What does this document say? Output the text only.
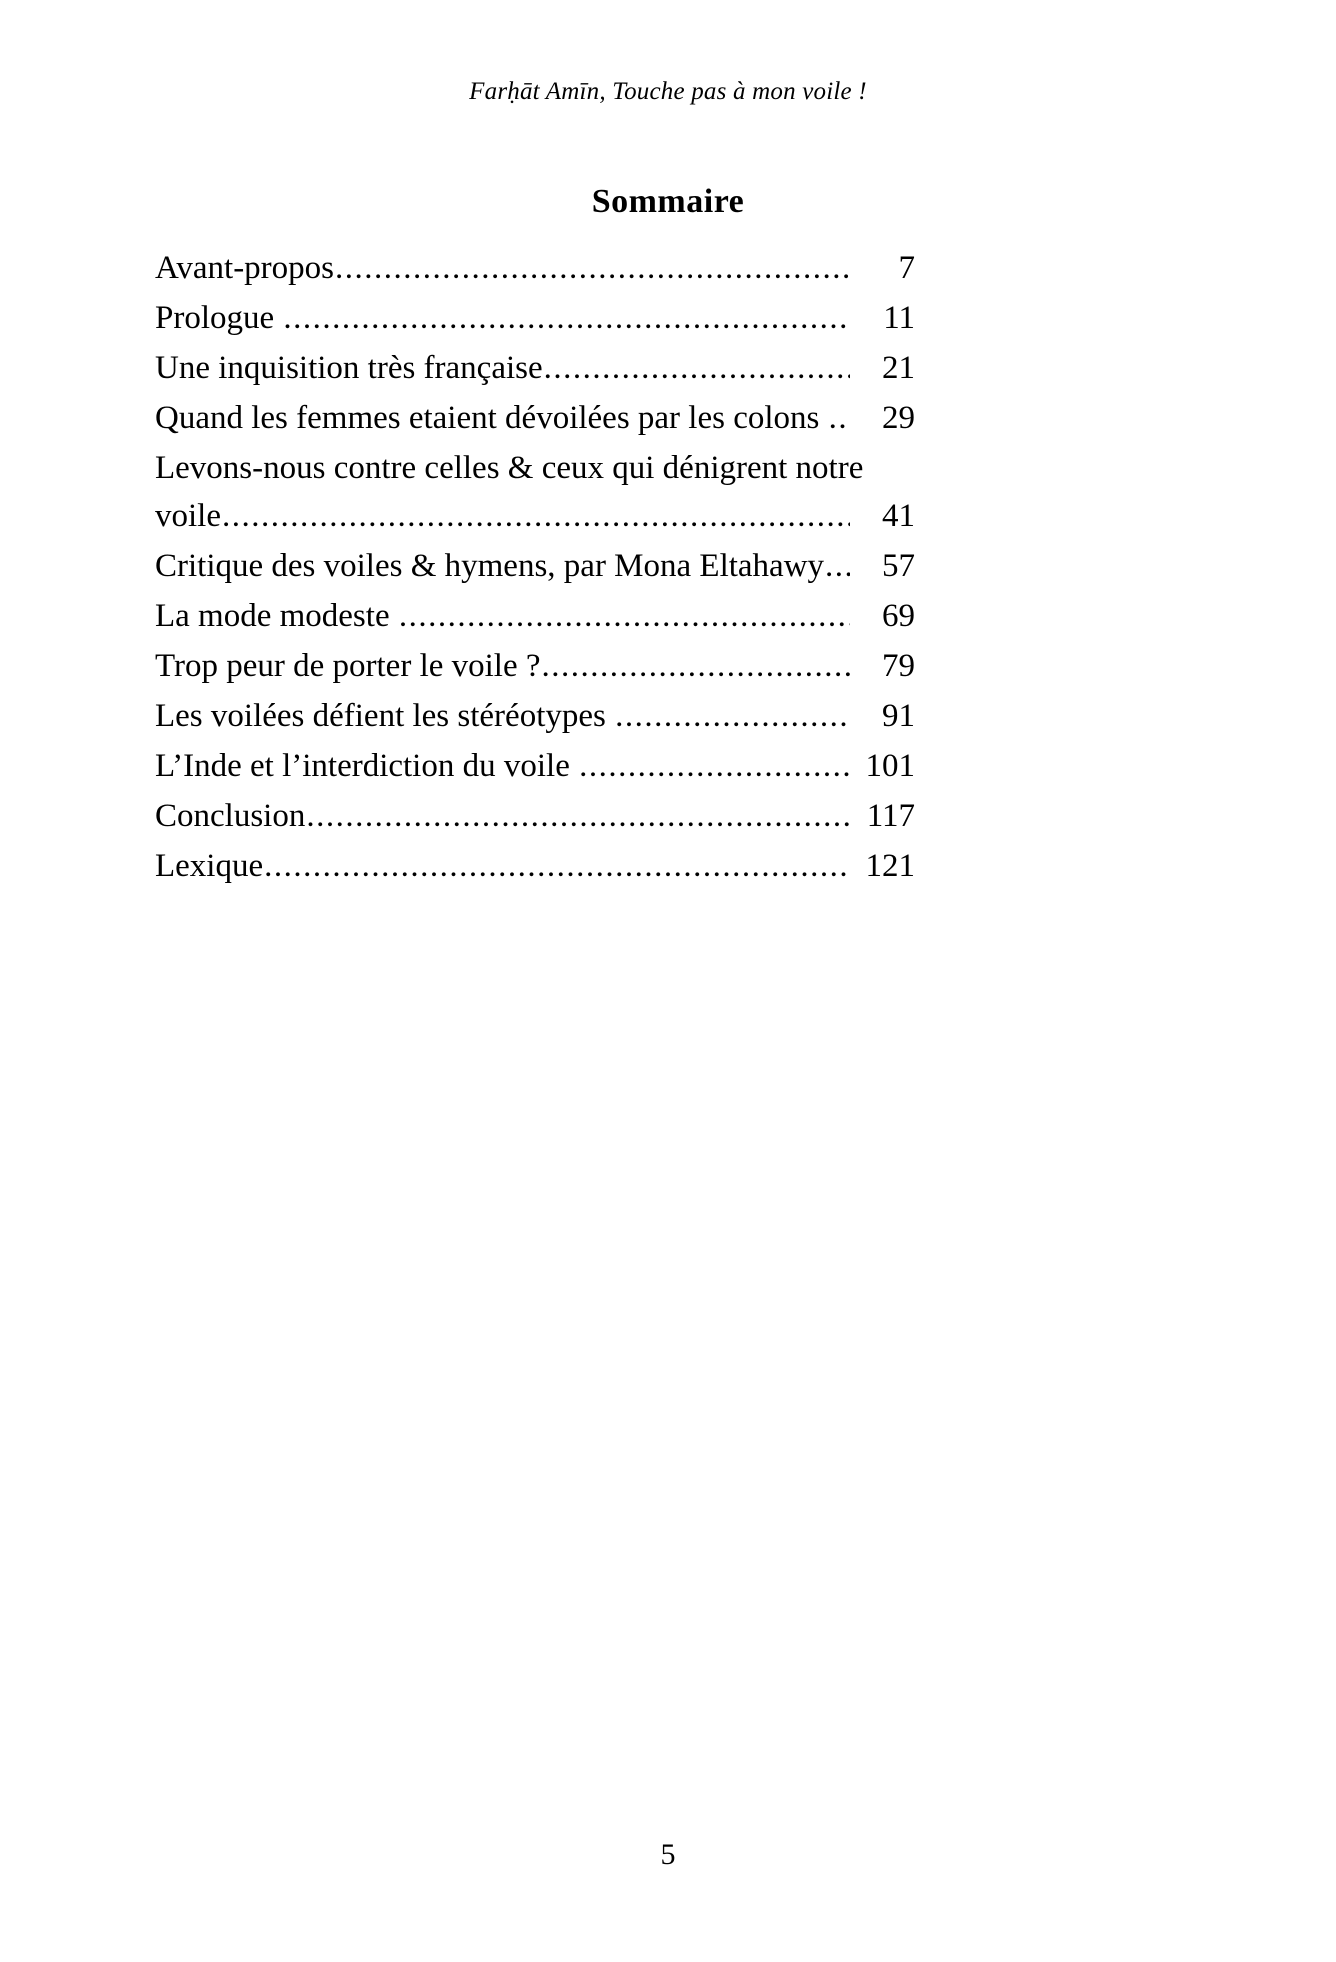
Farḥāt Amīn, Touche pas à mon voile !
Sommaire
Avant-propos .....	7
Prologue .....	11
Une inquisition très française .....	21
Quand les femmes etaient dévoilées par les colons .....	29
Levons-nous contre celles & ceux qui dénigrent notre
voile .....	41
Critique des voiles & hymens, par Mona Eltahawy .....	57
La mode modeste .....	69
Trop peur de porter le voile ? .....	79
Les voilées défient les stéréotypes .....	91
L’Inde et l’interdiction du voile .....	101
Conclusion .....	117
Lexique .....	121
5
